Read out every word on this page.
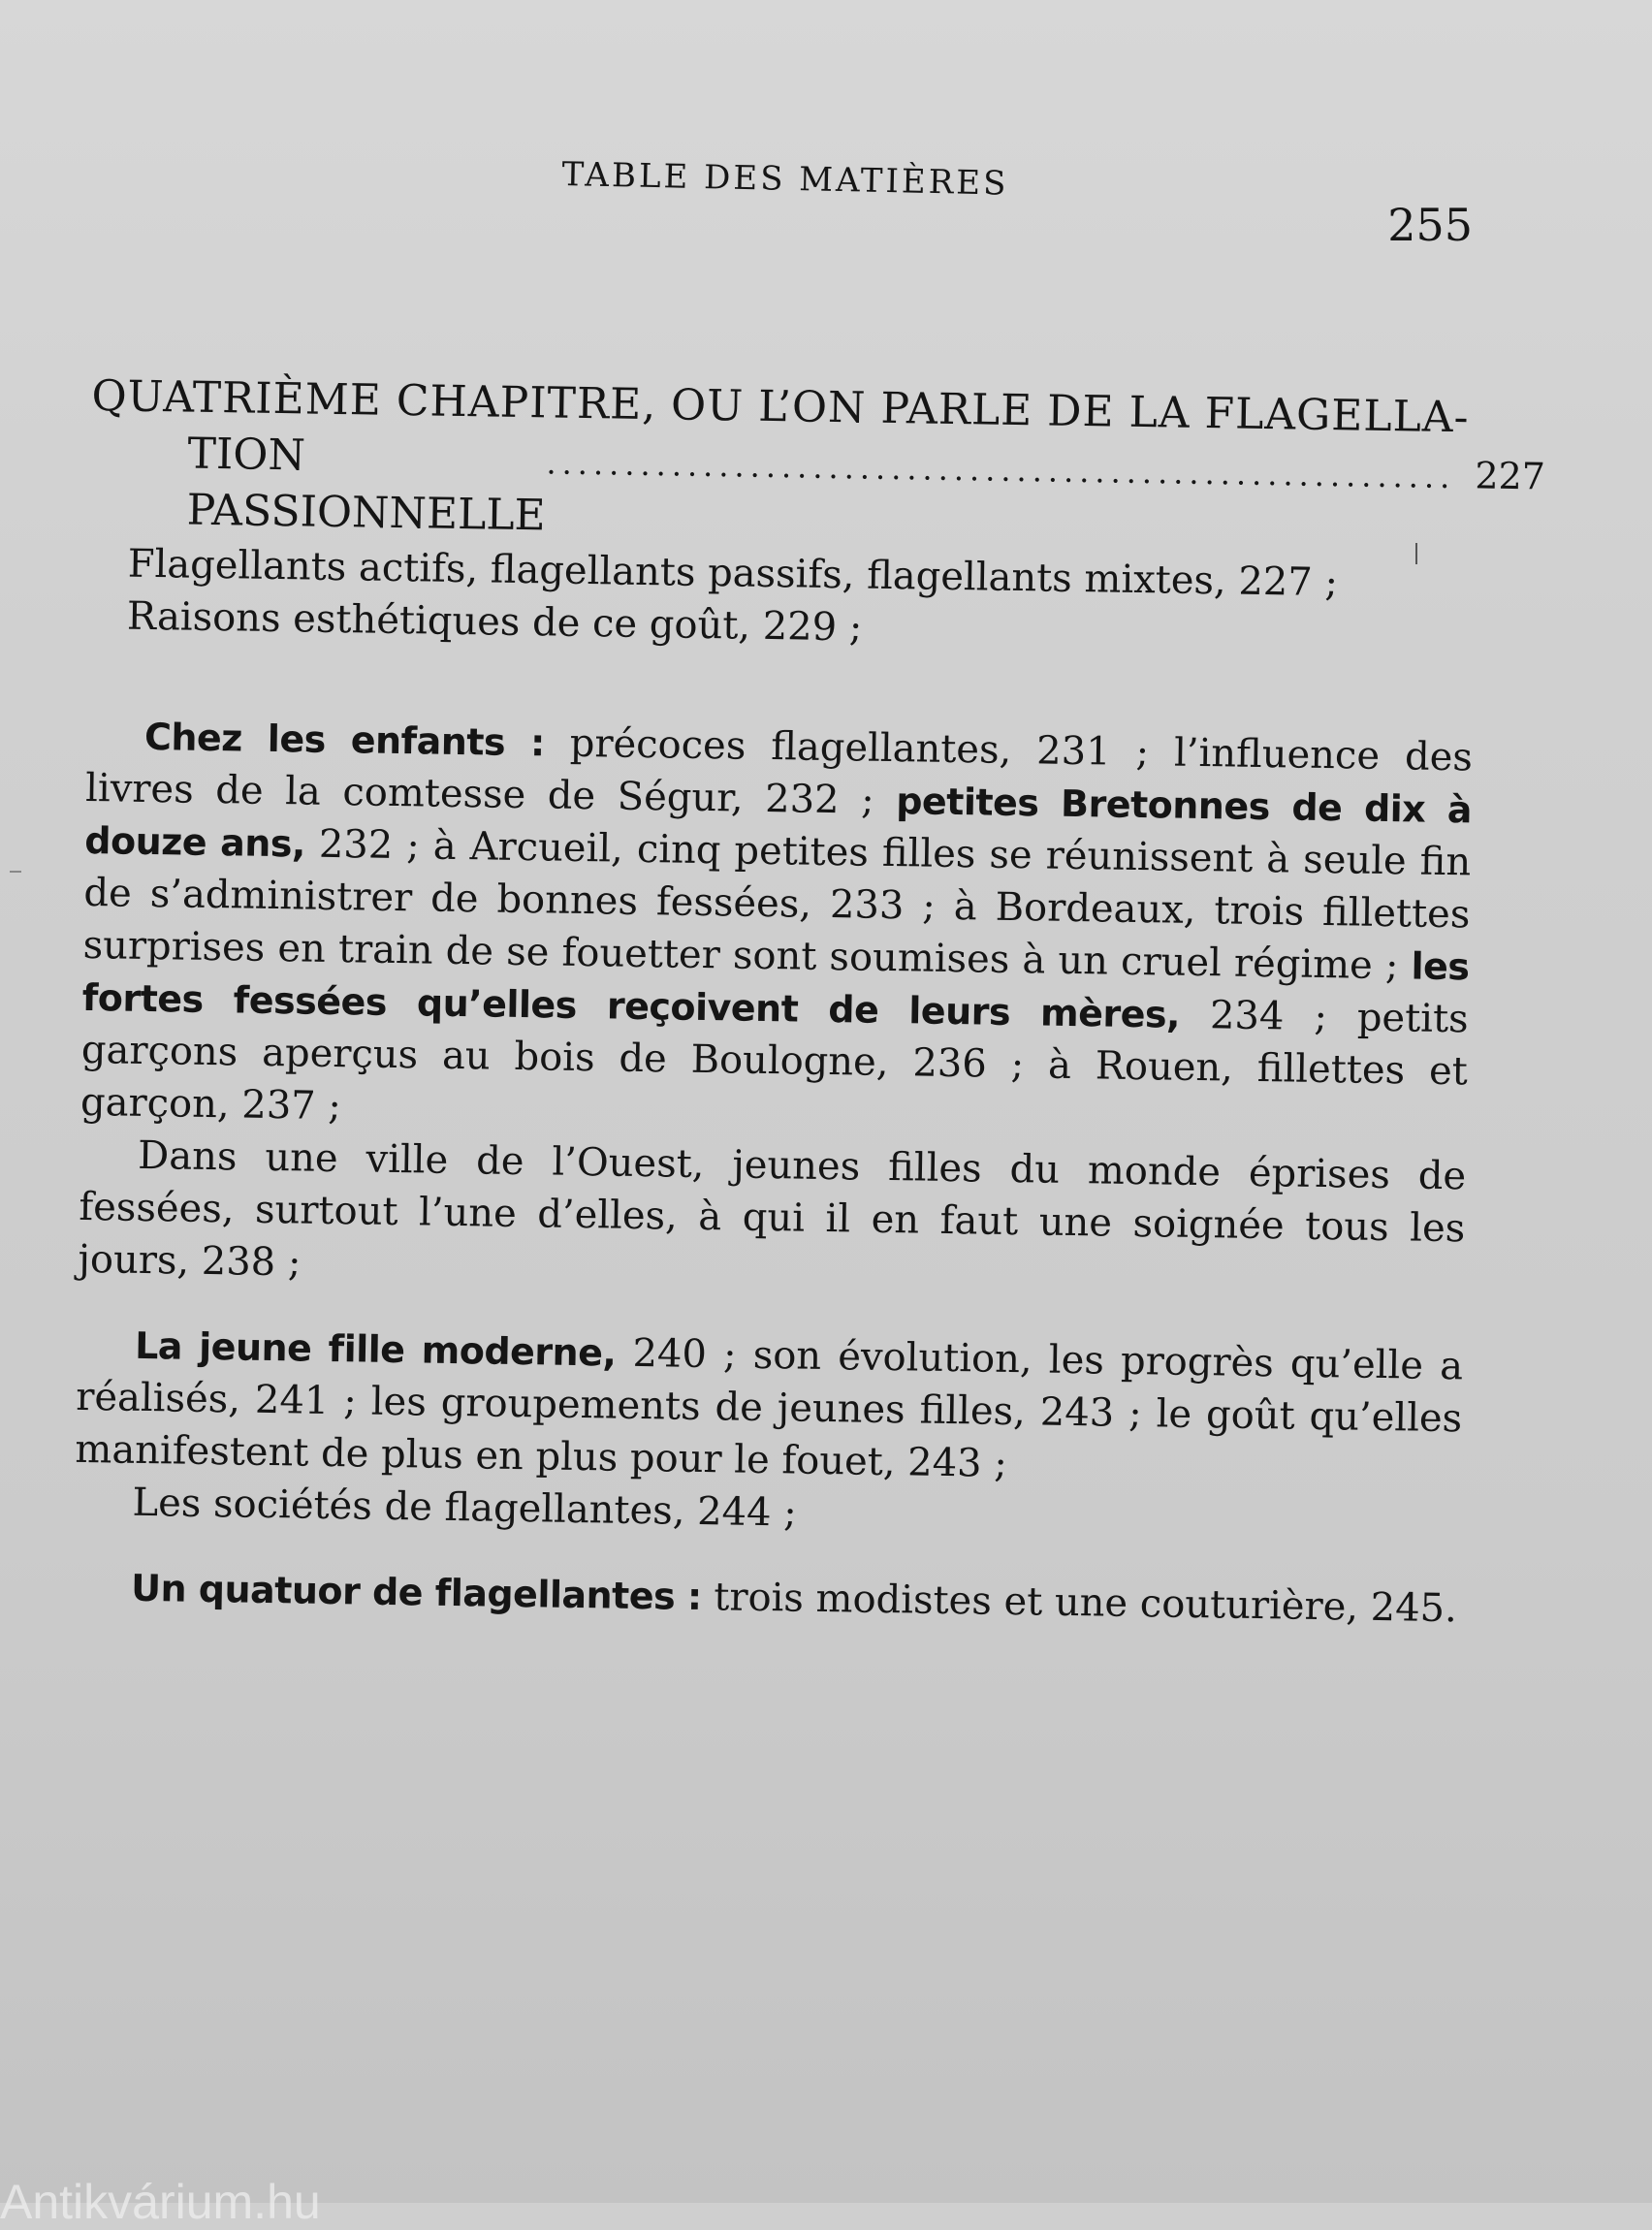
TABLE DES MATIÈRES
255
QUATRIÈME CHAPITRE, OU L’ON PARLE DE LA FLAGELLA-
TION PASSIONNELLE
.......................................................... 227
Flagellants actifs, flagellants passifs, flagellants mixtes, 227 ;
Raisons esthétiques de ce goût, 229 ;
Chez les enfants : précoces flagellantes, 231 ; l’influence des livres de la comtesse de Ségur, 232 ; petites Bretonnes de dix à douze ans, 232 ; à Arcueil, cinq petites filles se réunissent à seule fin de s’administrer de bonnes fessées, 233 ; à Bordeaux, trois fillettes surprises en train de se fouetter sont soumises à un cruel régime ; les fortes fessées qu’elles reçoivent de leurs mères, 234 ; petits garçons aperçus au bois de Boulogne, 236 ; à Rouen, fillettes et garçon, 237 ;
Dans une ville de l’Ouest, jeunes filles du monde éprises de fessées, surtout l’une d’elles, à qui il en faut une soignée tous les jours, 238 ;
La jeune fille moderne, 240 ; son évolution, les progrès qu’elle a réalisés, 241 ; les groupements de jeunes filles, 243 ; le goût qu’elles manifestent de plus en plus pour le fouet, 243 ;
Les sociétés de flagellantes, 244 ;
Un quatuor de flagellantes : trois modistes et une couturière, 245.
Antikvárium.hu
